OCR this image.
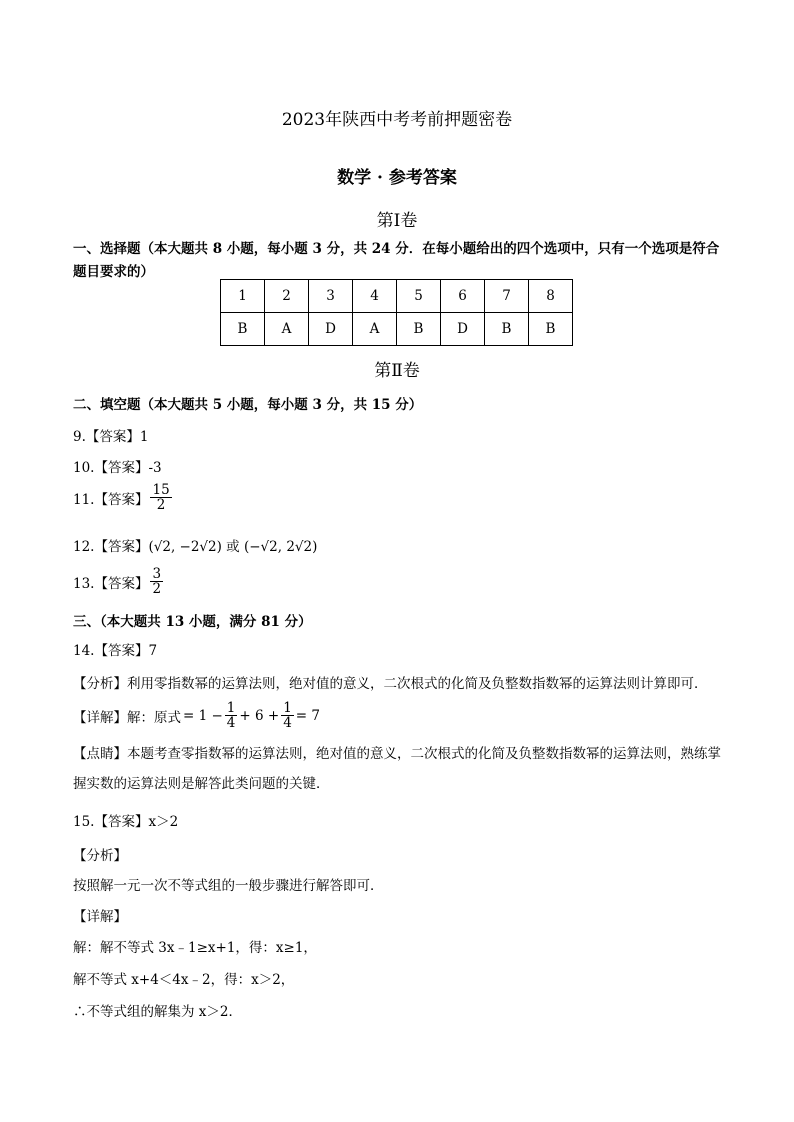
2023年陕西中考考前押题密卷
数学 · 参考答案
第Ⅰ卷
一、选择题（本大题共 8 小题，每小题 3 分，共 24 分．在每小题给出的四个选项中，只有一个选项是符合
题目要求的）
1	2	3	4	5	6	7	8
B	A	D	A	B	D	B	B
第Ⅱ卷
二、填空题（本大题共 5 小题，每小题 3 分，共 15 分）
9.【答案】1
10.【答案】-3
11.【答案】 $\frac{15}{2}$
12.【答案】(√2, −2√2) 或 (−√2, 2√2)
13.【答案】 $\frac{3}{2}$
三、（本大题共 13 小题，满分 81 分）
14.【答案】7
【分析】利用零指数幂的运算法则，绝对值的意义，二次根式的化简及负整数指数幂的运算法则计算即可．
【详解】解：原式 = $1 - \frac{1}{4} + 6 + \frac{1}{4} = 7$
【点睛】本题考查零指数幂的运算法则，绝对值的意义，二次根式的化简及负整数指数幂的运算法则，熟练掌握实数的运算法则是解答此类问题的关键．
15.【答案】x＞2
【分析】
按照解一元一次不等式组的一般步骤进行解答即可．
【详解】
解：解不等式 3x﹣1≥x+1，得：x≥1，
解不等式 x+4＜4x﹣2，得：x＞2，
∴不等式组的解集为 x＞2．
